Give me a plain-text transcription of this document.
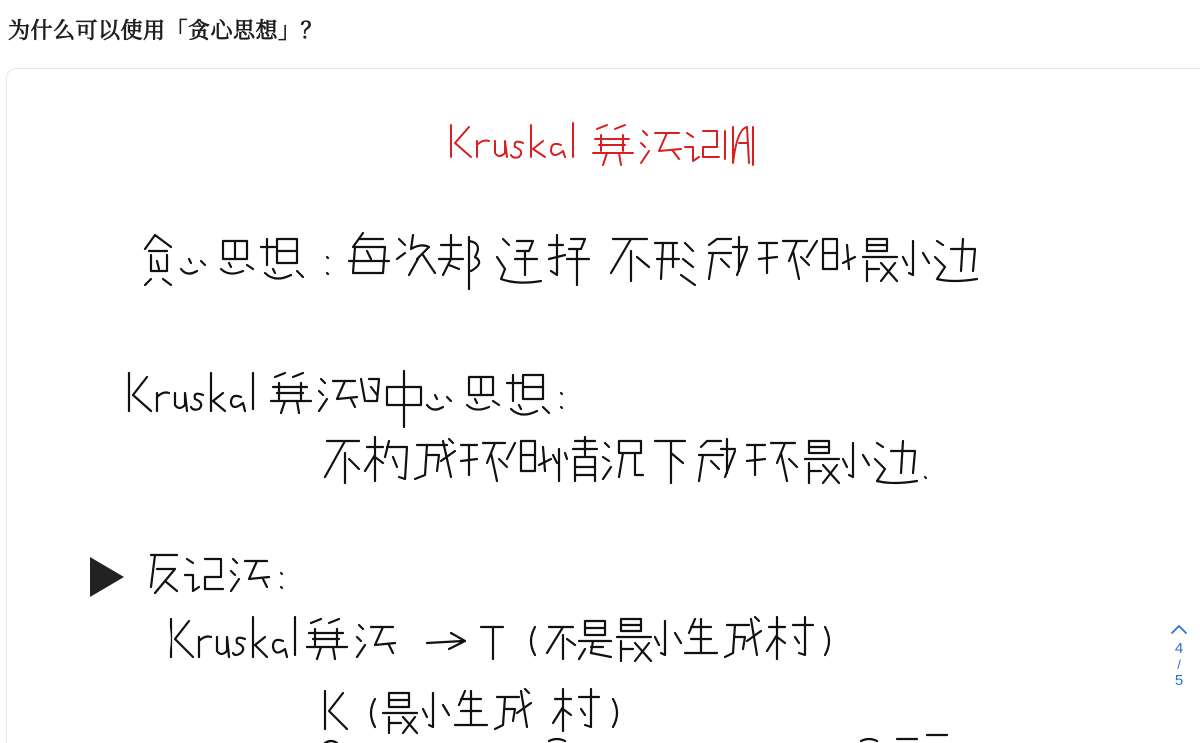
为什么可以使用「贪心思想」？
4
/
5
